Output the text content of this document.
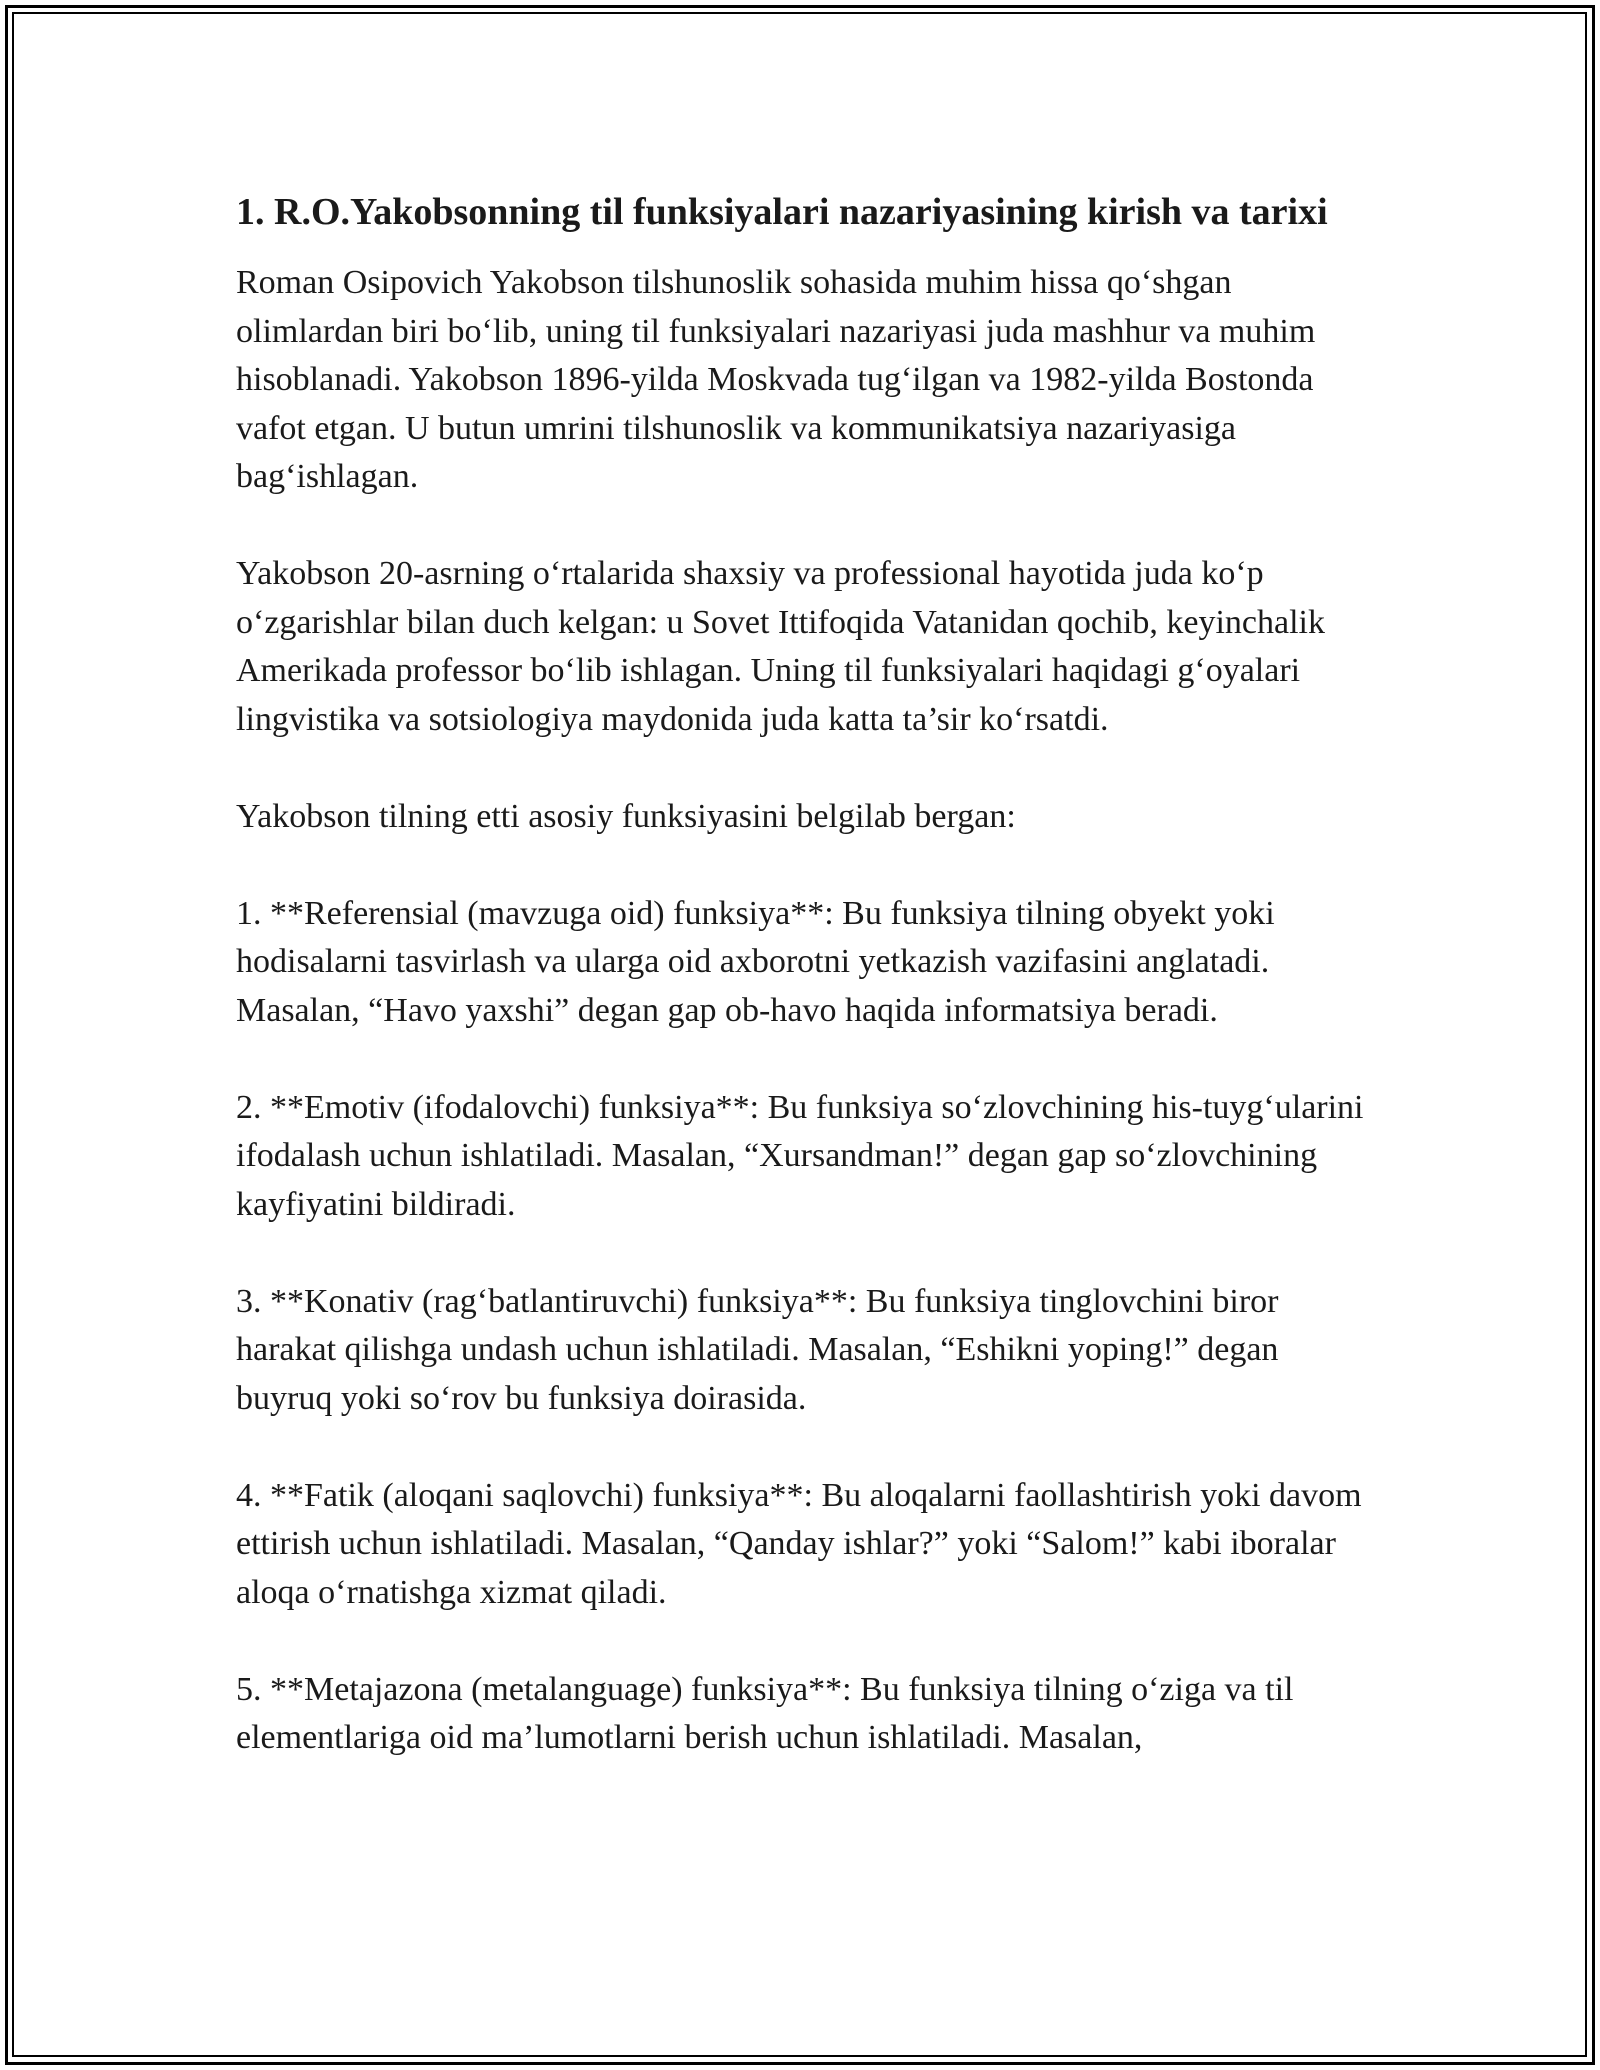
1. R.O.Yakobsonning til funksiyalari nazariyasining kirish va tarixi

Roman Osipovich Yakobson tilshunoslik sohasida muhim hissa qo‘shgan olimlardan biri bo‘lib, uning til funksiyalari nazariyasi juda mashhur va muhim hisoblanadi. Yakobson 1896-yilda Moskvada tug‘ilgan va 1982-yilda Bostonda vafot etgan. U butun umrini tilshunoslik va kommunikatsiya nazariyasiga bag‘ishlagan.

Yakobson 20-asrning o‘rtalarida shaxsiy va professional hayotida juda ko‘p o‘zgarishlar bilan duch kelgan: u Sovet Ittifoqida Vatanidan qochib, keyinchalik Amerikada professor bo‘lib ishlagan. Uning til funksiyalari haqidagi g‘oyalari lingvistika va sotsiologiya maydonida juda katta ta’sir ko‘rsatdi.

Yakobson tilning etti asosiy funksiyasini belgilab bergan:

1. **Referensial (mavzuga oid) funksiya**: Bu funksiya tilning obyekt yoki hodisalarni tasvirlash va ularga oid axborotni yetkazish vazifasini anglatadi. Masalan, “Havo yaxshi” degan gap ob-havo haqida informatsiya beradi.

2. **Emotiv (ifodalovchi) funksiya**: Bu funksiya so‘zlovchining his-tuyg‘ularini ifodalash uchun ishlatiladi. Masalan, “Xursandman!” degan gap so‘zlovchining kayfiyatini bildiradi.

3. **Konativ (rag‘batlantiruvchi) funksiya**: Bu funksiya tinglovchini biror harakat qilishga undash uchun ishlatiladi. Masalan, “Eshikni yoping!” degan buyruq yoki so‘rov bu funksiya doirasida.

4. **Fatik (aloqani saqlovchi) funksiya**: Bu aloqalarni faollashtirish yoki davom ettirish uchun ishlatiladi. Masalan, “Qanday ishlar?” yoki “Salom!” kabi iboralar aloqa o‘rnatishga xizmat qiladi.

5. **Metajazona (metalanguage) funksiya**: Bu funksiya tilning o‘ziga va til elementlariga oid ma’lumotlarni berish uchun ishlatiladi. Masalan,
